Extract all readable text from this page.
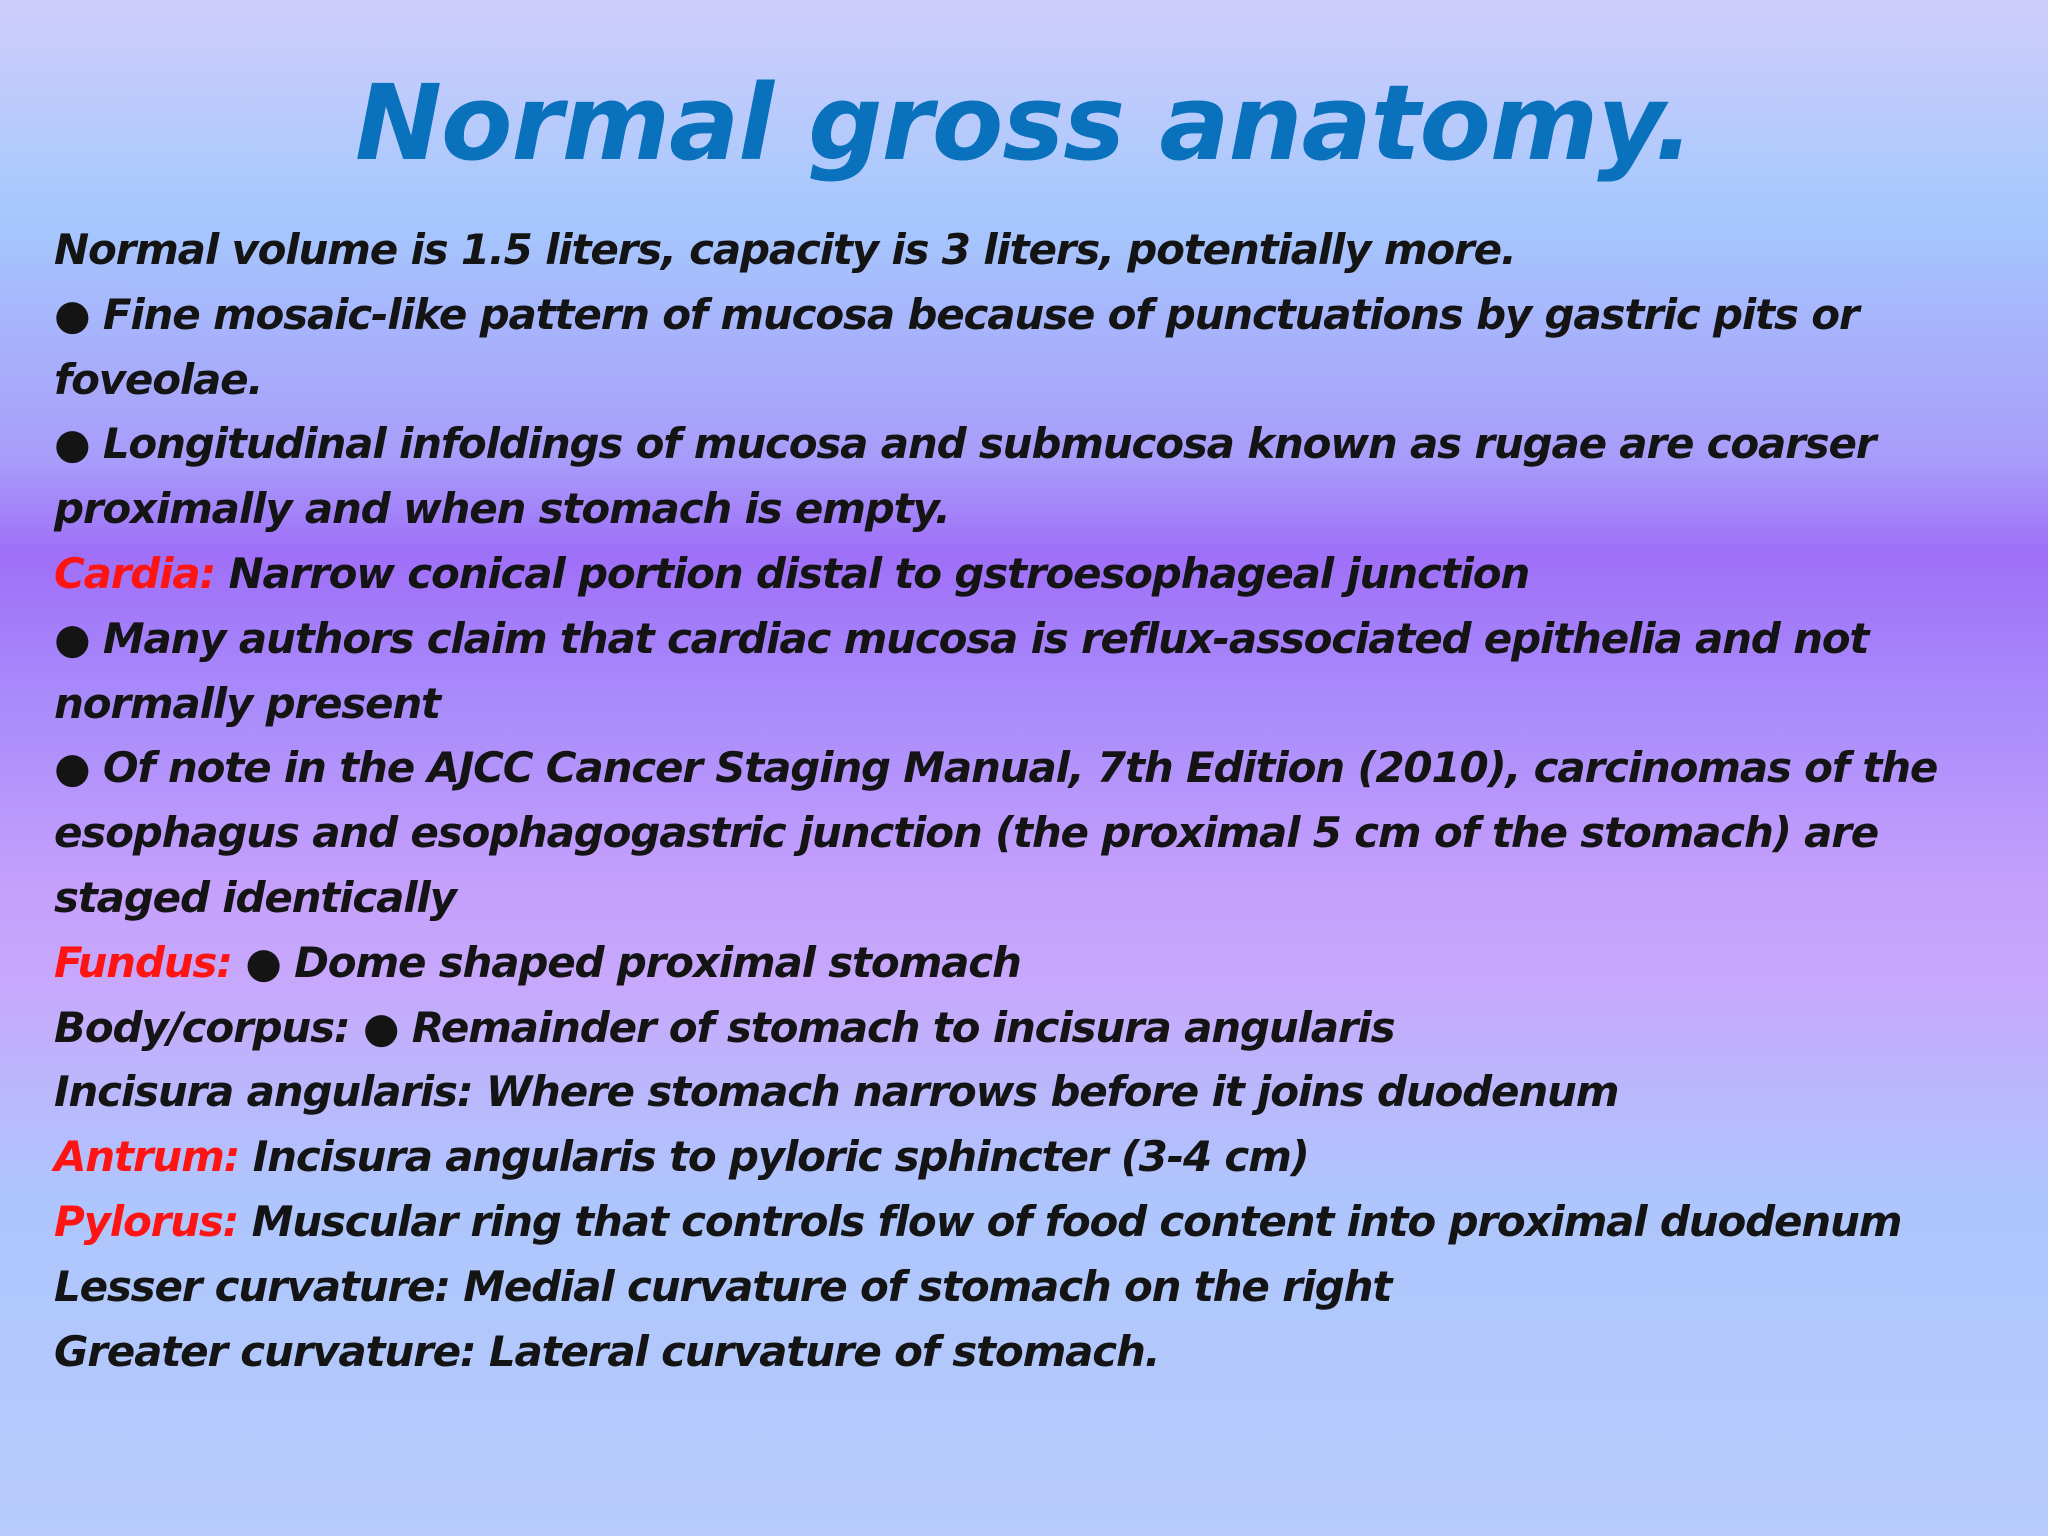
Normal gross anatomy.
Normal volume is 1.5 liters, capacity is 3 liters, potentially more.
● Fine mosaic-like pattern of mucosa because of punctuations by gastric pits or
foveolae.
● Longitudinal infoldings of mucosa and submucosa known as rugae are coarser
proximally and when stomach is empty.
Cardia: Narrow conical portion distal to gstroesophageal junction
● Many authors claim that cardiac mucosa is reflux-associated epithelia and not
normally present
● Of note in the AJCC Cancer Staging Manual, 7th Edition (2010), carcinomas of the
esophagus and esophagogastric junction (the proximal 5 cm of the stomach) are
staged identically
Fundus: ● Dome shaped proximal stomach
Body/corpus: ● Remainder of stomach to incisura angularis
Incisura angularis: Where stomach narrows before it joins duodenum
Antrum: Incisura angularis to pyloric sphincter (3-4 cm)
Pylorus: Muscular ring that controls flow of food content into proximal duodenum
Lesser curvature: Medial curvature of stomach on the right
Greater curvature: Lateral curvature of stomach.
